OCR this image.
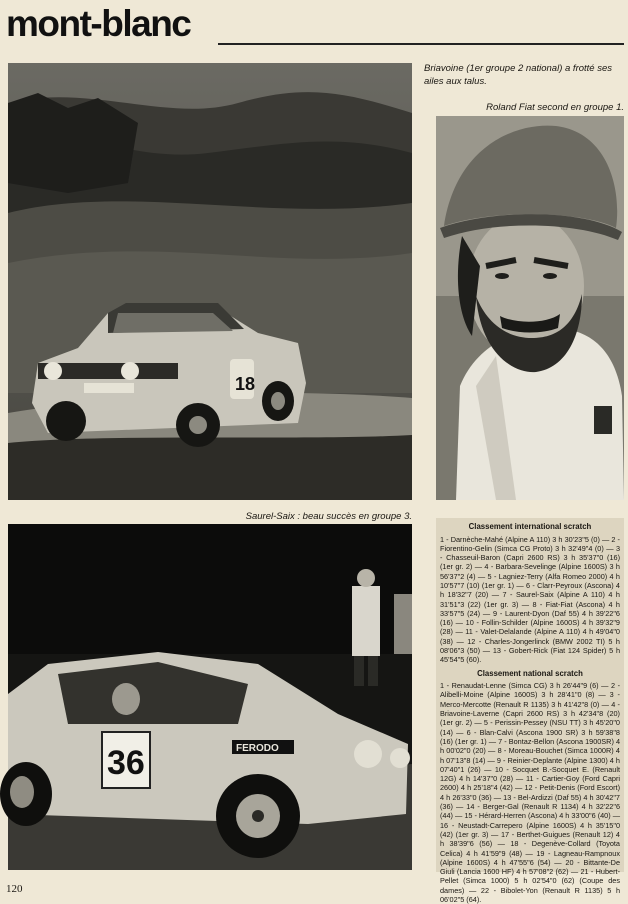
mont-blanc
18
Briavoine (1er groupe 2 national) a frotté ses ailes aux talus.
Roland Fiat second en groupe 1.
Saurel-Saix : beau succès en groupe 3.
36	FERODO
Classement international scratch
1 - Darnèche-Mahé (Alpine A 110) 3 h 30'23"5 (0) — 2 - Fiorentino-Gelin (Simca CG Proto) 3 h 32'49"4 (0) — 3 - Chasseuil-Baron (Capri 2600 RS) 3 h 35'37"0 (16) (1er gr. 2) — 4 - Barbara-Sevelinge (Alpine 1600S) 3 h 56'37"2 (4) — 5 - Lagniez-Terry (Alfa Romeo 2000) 4 h 10'57"7 (10) (1er gr. 1) — 6 - Clarr-Peyroux (Ascona) 4 h 18'32"7 (20) — 7 - Saurel-Saix (Alpine A 110) 4 h 31'51"3 (22) (1er gr. 3) — 8 - Fiat-Fiat (Ascona) 4 h 33'57"5 (24) — 9 - Laurent-Dyon (Daf 55) 4 h 39'22"6 (16) — 10 - Follin-Schilder (Alpine 1600S) 4 h 39'32"9 (28) — 11 - Valet-Delalande (Alpine A 110) 4 h 49'04"0 (38) — 12 - Charles-Jongerlinck (BMW 2002 TI) 5 h 08'06"3 (50) — 13 - Gobert-Rick (Fiat 124 Spider) 5 h 45'54"5 (60).
Classement national scratch
1 - Renaudat-Lenne (Simca CG) 3 h 26'44"9 (6) — 2 - Alibelli-Moine (Alpine 1600S) 3 h 28'41"0 (8) — 3 - Merco-Mercotte (Renault R 1135) 3 h 41'42"8 (0) — 4 - Briavoine-Laverne (Capri 2600 RS) 3 h 42'34"8 (20) (1er gr. 2) — 5 - Perissin-Pessey (NSU TT) 3 h 45'20"0 (14) — 6 - Blan-Calvi (Ascona 1900 SR) 3 h 59'38"8 (16) (1er gr. 1) — 7 - Bontaz-Bellon (Ascona 1900SR) 4 h 00'02"0 (20) — 8 - Moreau-Bouchet (Simca 1000R) 4 h 07'13"8 (14) — 9 - Reinier-Deplante (Alpine 1300) 4 h 07'40"1 (26) — 10 - Socquet B.-Socquet E. (Renault 12G) 4 h 14'37"0 (28) — 11 - Cartier-Goy (Ford Capri 2600) 4 h 25'18"4 (42) — 12 - Petit-Denis (Ford Escort) 4 h 26'33"0 (36) — 13 - Bel-Ardizzi (Daf 55) 4 h 30'42"7 (36) — 14 - Berger-Gal (Renault R 1134) 4 h 32'22"6 (44) — 15 - Hérard-Herren (Ascona) 4 h 33'00"6 (40) — 16 - Neustadt-Carrepero (Alpine 1600S) 4 h 35'15"0 (42) (1er gr. 3) — 17 - Berthet-Guigues (Renault 12) 4 h 38'39"6 (56) — 18 - Degenève-Collard (Toyota Celica) 4 h 41'59"9 (48) — 19 - Lagneau-Rampnoux (Alpine 1600S) 4 h 47'55"6 (54) — 20 - Bittante-De Giuli (Lancia 1600 HF) 4 h 57'08"2 (62) — 21 - Hubert-Pellet (Simca 1000) 5 h 02'54"0 (62) (Coupe des dames) — 22 - Bibolet-Yon (Renault R 1135) 5 h 06'02"5 (64).
120
